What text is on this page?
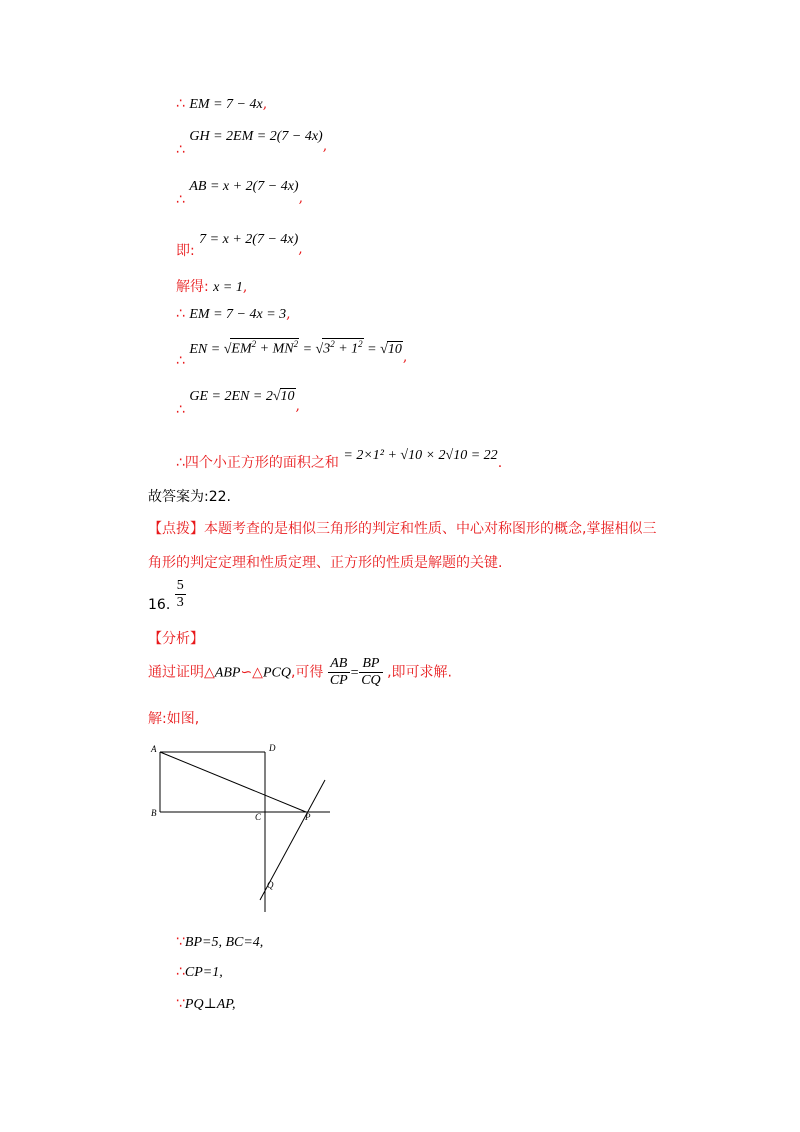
∴ EM = 7 − 4x,
∴ GH = 2EM = 2(7 − 4x),
∴ AB = x + 2(7 − 4x),
即: 7 = x + 2(7 − 4x),
解得: x = 1,
∴ EM = 7 − 4x = 3,
∴ EN = $√EM^2 + MN^2 = √3^2 + 1^2 = √10$,
∴ GE = 2EN = 2√10,
∴四个小正方形的面积之和 = 2×1² + √10 × 2√10 = 22.
故答案为:22.
【点拨】本题考查的是相似三角形的判定和性质、中心对称图形的概念,掌握相似三
角形的判定定理和性质定理、正方形的性质是解题的关键.
16. $\frac{5}{3}$
【分析】
通过证明△ABP∽△PCQ,可得 $\frac{AB}{CP} = \frac{BP}{CQ}$ ,即可求解.
解:如图,
A	D
B	C	P
Q
∵BP=5, BC=4,
∴CP=1,
∵PQ⊥AP,
